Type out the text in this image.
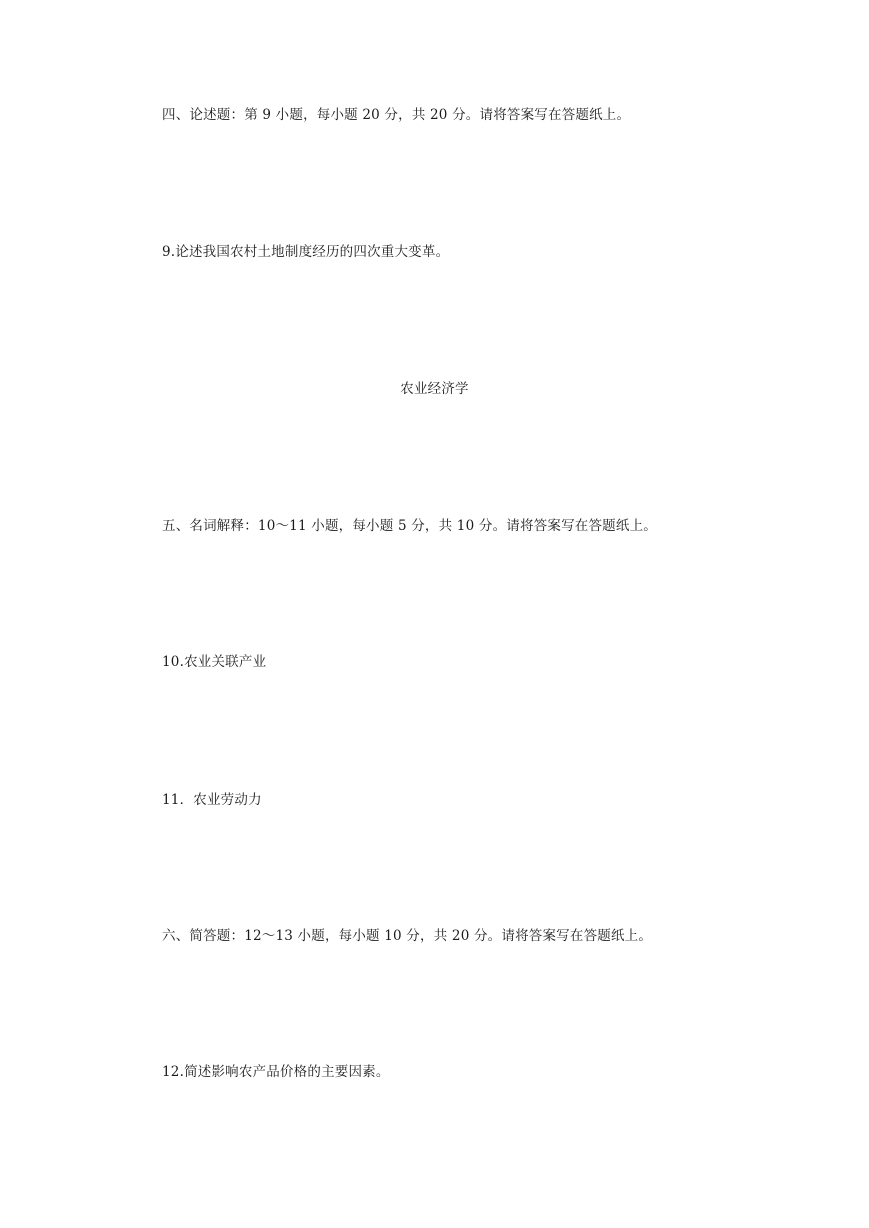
四、论述题：第 9 小题，每小题 20 分，共 20 分。请将答案写在答题纸上。
9.论述我国农村土地制度经历的四次重大变革。
农业经济学
五、名词解释：10～11 小题，每小题 5 分，共 10 分。请将答案写在答题纸上。
10.农业关联产业
11．农业劳动力
六、简答题：12～13 小题，每小题 10 分，共 20 分。请将答案写在答题纸上。
12.简述影响农产品价格的主要因素。
